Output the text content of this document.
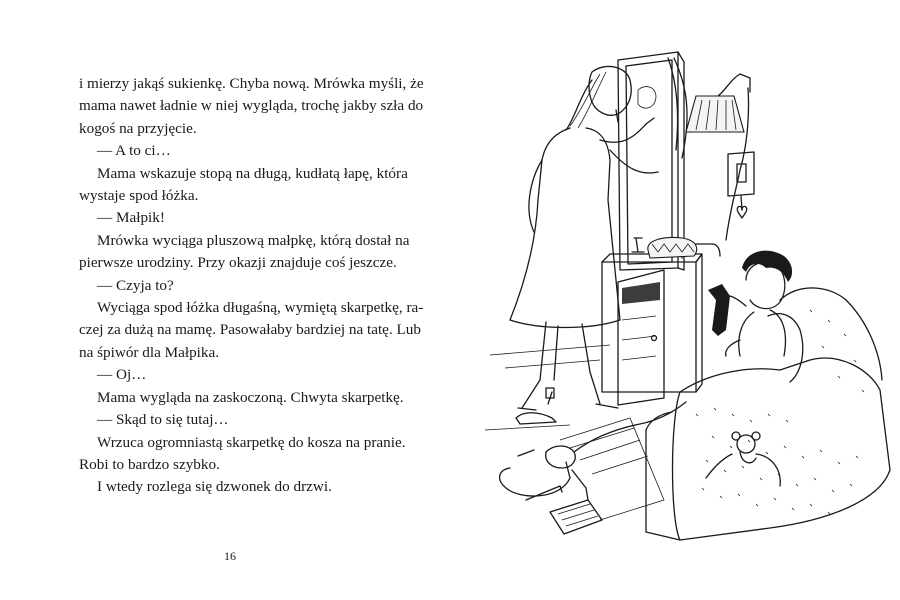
i mierzy jakąś sukienkę. Chyba nową. Mrówka myśli, że

mama nawet ładnie w niej wygląda, trochę jakby szła do

kogoś na przyjęcie.

— A to ci…

Mama wskazuje stopą na długą, kudłatą łapę, która

wystaje spod łóżka.

— Małpik!

Mrówka wyciąga pluszową małpkę, którą dostał na

pierwsze urodziny. Przy okazji znajduje coś jeszcze.

— Czyja to?

Wyciąga spod łóżka długaśną, wymiętą skarpetkę, ra-

czej za dużą na mamę. Pasowałaby bardziej na tatę. Lub

na śpiwór dla Małpika.

— Oj…

Mama wygląda na zaskoczoną. Chwyta skarpetkę.

— Skąd to się tutaj…

Wrzuca ogromniastą skarpetkę do kosza na pranie.

Robi to bardzo szybko.

I wtedy rozlega się dzwonek do drzwi.

16
